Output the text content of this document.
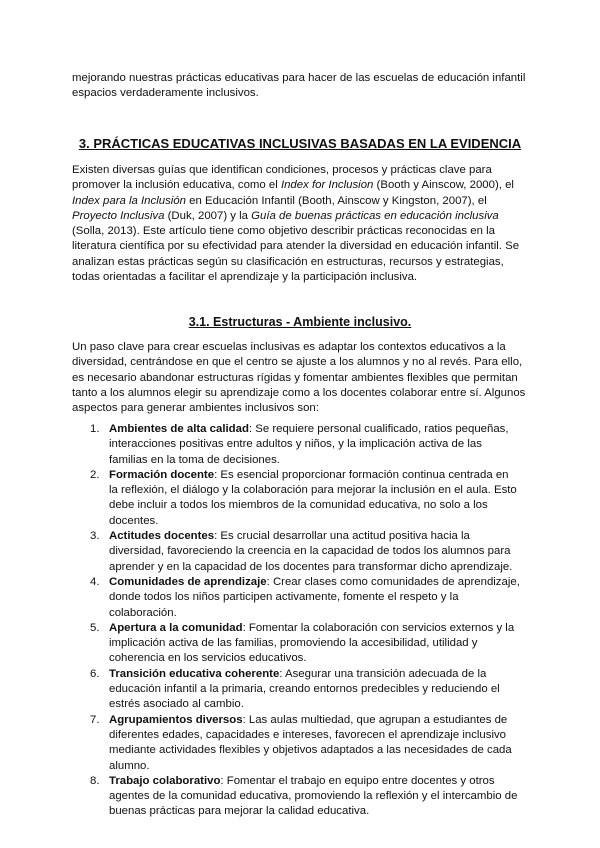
mejorando nuestras prácticas educativas para hacer de las escuelas de educación infantil espacios verdaderamente inclusivos.

3. PRÁCTICAS EDUCATIVAS INCLUSIVAS BASADAS EN LA EVIDENCIA

Existen diversas guías que identifican condiciones, procesos y prácticas clave para promover la inclusión educativa, como el Index for Inclusion (Booth y Ainscow, 2000), el Index para la Inclusión en Educación Infantil (Booth, Ainscow y Kingston, 2007), el Proyecto Inclusiva (Duk, 2007) y la Guía de buenas prácticas en educación inclusiva (Solla, 2013). Este artículo tiene como objetivo describir prácticas reconocidas en la literatura científica por su efectividad para atender la diversidad en educación infantil. Se analizan estas prácticas según su clasificación en estructuras, recursos y estrategias, todas orientadas a facilitar el aprendizaje y la participación inclusiva.

3.1. Estructuras - Ambiente inclusivo.

Un paso clave para crear escuelas inclusivas es adaptar los contextos educativos a la diversidad, centrándose en que el centro se ajuste a los alumnos y no al revés. Para ello, es necesario abandonar estructuras rígidas y fomentar ambientes flexibles que permitan tanto a los alumnos elegir su aprendizaje como a los docentes colaborar entre sí. Algunos aspectos para generar ambientes inclusivos son:

1. Ambientes de alta calidad: Se requiere personal cualificado, ratios pequeñas, interacciones positivas entre adultos y niños, y la implicación activa de las familias en la toma de decisiones.
2. Formación docente: Es esencial proporcionar formación continua centrada en la reflexión, el diálogo y la colaboración para mejorar la inclusión en el aula. Esto debe incluir a todos los miembros de la comunidad educativa, no solo a los docentes.
3. Actitudes docentes: Es crucial desarrollar una actitud positiva hacia la diversidad, favoreciendo la creencia en la capacidad de todos los alumnos para aprender y en la capacidad de los docentes para transformar dicho aprendizaje.
4. Comunidades de aprendizaje: Crear clases como comunidades de aprendizaje, donde todos los niños participen activamente, fomente el respeto y la colaboración.
5. Apertura a la comunidad: Fomentar la colaboración con servicios externos y la implicación activa de las familias, promoviendo la accesibilidad, utilidad y coherencia en los servicios educativos.
6. Transición educativa coherente: Asegurar una transición adecuada de la educación infantil a la primaria, creando entornos predecibles y reduciendo el estrés asociado al cambio.
7. Agrupamientos diversos: Las aulas multiedad, que agrupan a estudiantes de diferentes edades, capacidades e intereses, favorecen el aprendizaje inclusivo mediante actividades flexibles y objetivos adaptados a las necesidades de cada alumno.
8. Trabajo colaborativo: Fomentar el trabajo en equipo entre docentes y otros agentes de la comunidad educativa, promoviendo la reflexión y el intercambio de buenas prácticas para mejorar la calidad educativa.
